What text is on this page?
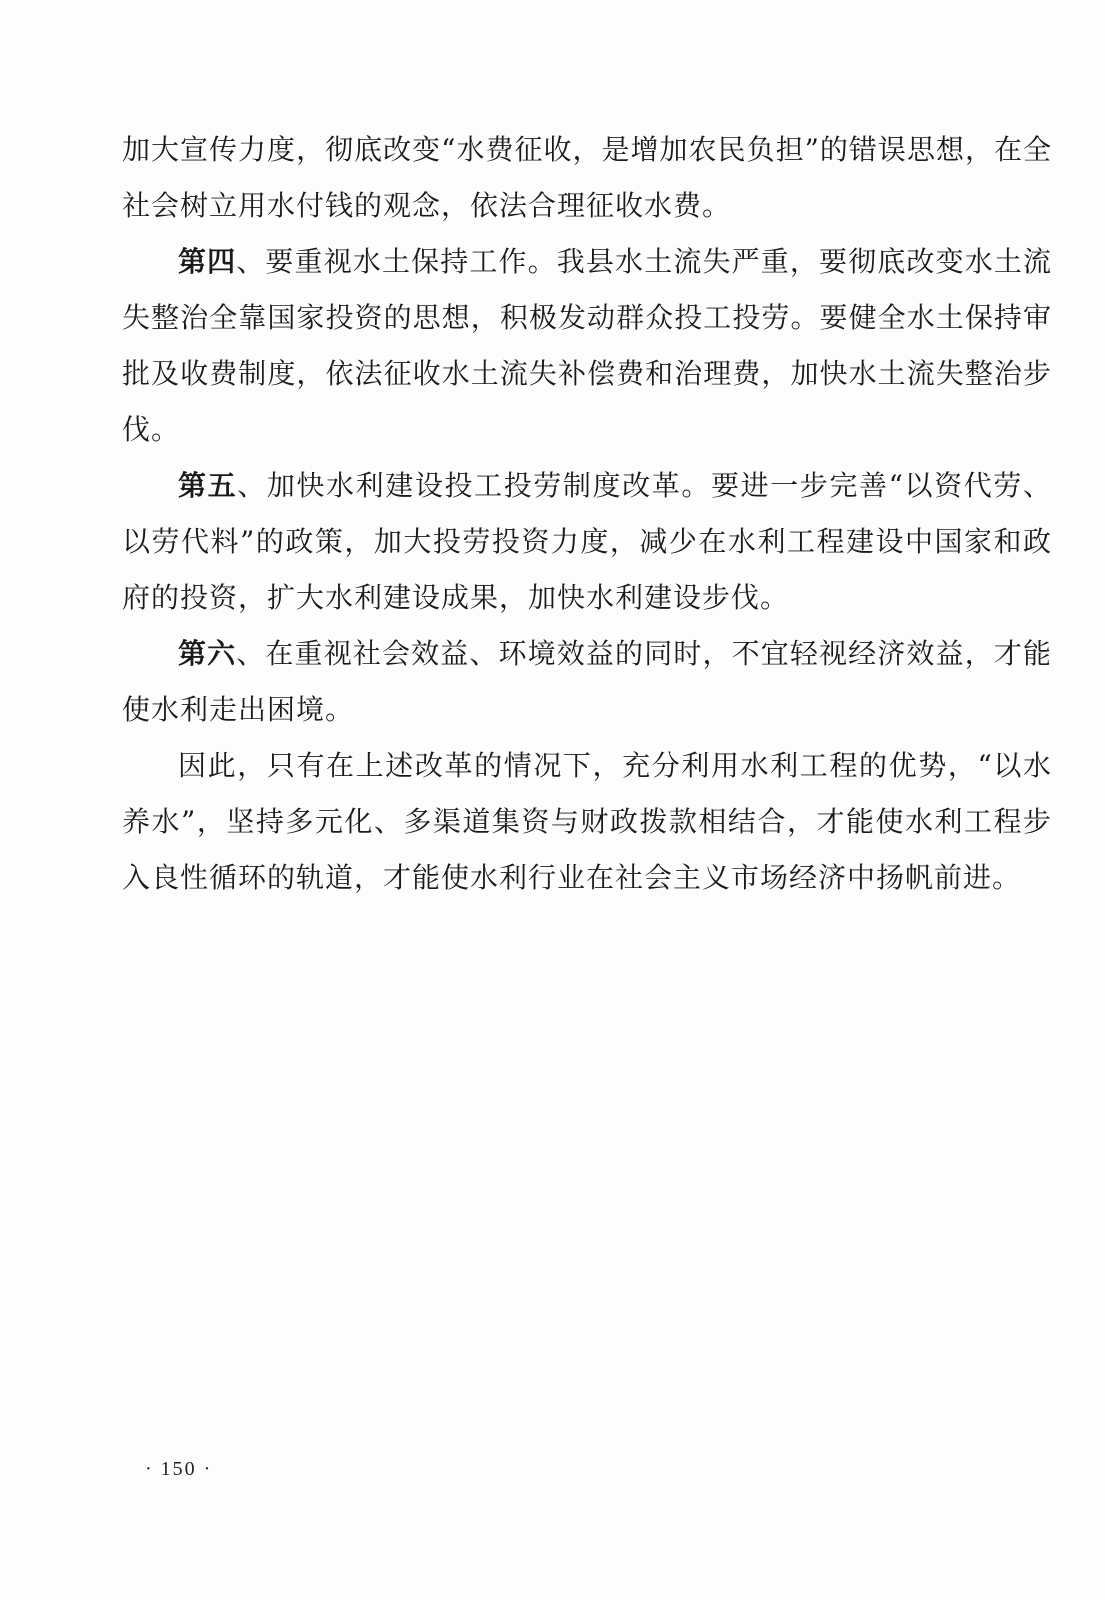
加大宣传力度，彻底改变“水费征收，是增加农民负担”的错误思想，在全社会树立用水付钱的观念，依法合理征收水费。

第四、要重视水土保持工作。我县水土流失严重，要彻底改变水土流失整治全靠国家投资的思想，积极发动群众投工投劳。要健全水土保持审批及收费制度，依法征收水土流失补偿费和治理费，加快水土流失整治步伐。

第五、加快水利建设投工投劳制度改革。要进一步完善“以资代劳、以劳代料”的政策，加大投劳投资力度，减少在水利工程建设中国家和政府的投资，扩大水利建设成果，加快水利建设步伐。

第六、在重视社会效益、环境效益的同时，不宜轻视经济效益，才能使水利走出困境。

因此，只有在上述改革的情况下，充分利用水利工程的优势，“以水养水”，坚持多元化、多渠道集资与财政拨款相结合，才能使水利工程步入良性循环的轨道，才能使水利行业在社会主义市场经济中扬帆前进。

· 150 ·
